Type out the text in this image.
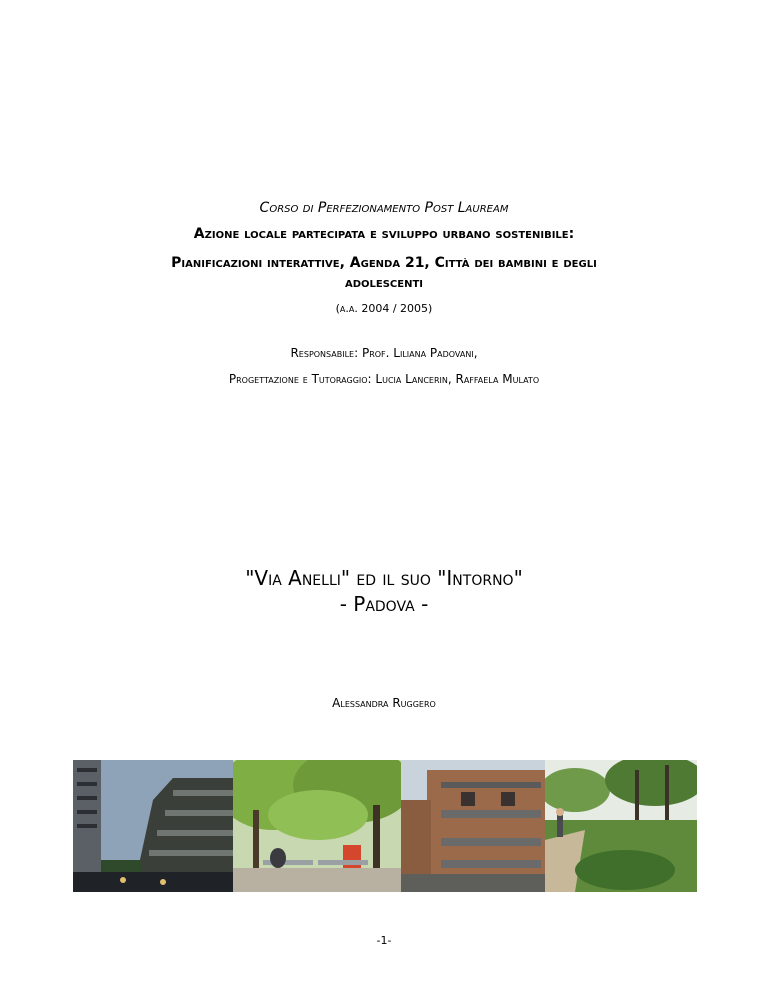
Corso di Perfezionamento Post Lauream
Azione locale partecipata e sviluppo urbano sostenibile:
Pianificazioni interattive, Agenda 21, Città dei bambini e degli
adolescenti
(a.a. 2004 / 2005)
Responsabile: Prof. Liliana Padovani,
Progettazione e Tutoraggio: Lucia Lancerin, Raffaela Mulato
"Via Anelli" ed il suo "Intorno"
- Padova -
Alessandra Ruggero
-1-
